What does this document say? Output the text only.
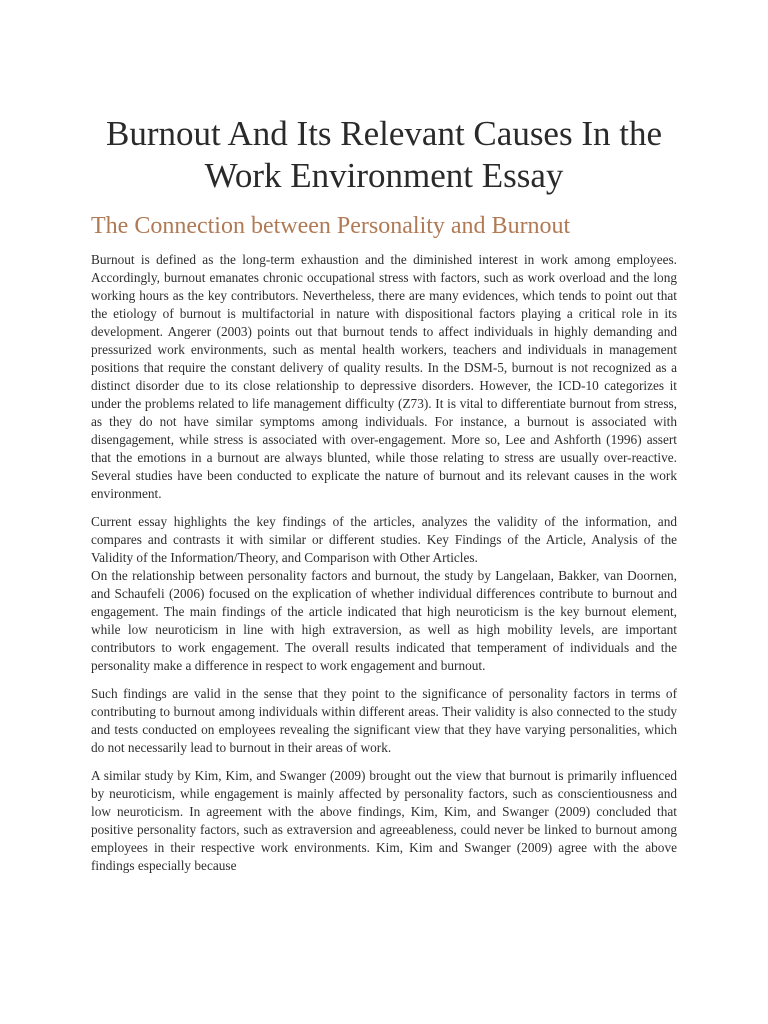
Burnout And Its Relevant Causes In the Work Environment Essay
The Connection between Personality and Burnout

Burnout is defined as the long-term exhaustion and the diminished interest in work among employees. Accordingly, burnout emanates chronic occupational stress with factors, such as work overload and the long working hours as the key contributors. Nevertheless, there are many evidences, which tends to point out that the etiology of burnout is multifactorial in nature with dispositional factors playing a critical role in its development. Angerer (2003) points out that burnout tends to affect individuals in highly demanding and pressurized work environments, such as mental health workers, teachers and individuals in management positions that require the constant delivery of quality results. In the DSM-5, burnout is not recognized as a distinct disorder due to its close relationship to depressive disorders. However, the ICD-10 categorizes it under the problems related to life management difficulty (Z73). It is vital to differentiate burnout from stress, as they do not have similar symptoms among individuals. For instance, a burnout is associated with disengagement, while stress is associated with over-engagement. More so, Lee and Ashforth (1996) assert that the emotions in a burnout are always blunted, while those relating to stress are usually over-reactive. Several studies have been conducted to explicate the nature of burnout and its relevant causes in the work environment.

Current essay highlights the key findings of the articles, analyzes the validity of the information, and compares and contrasts it with similar or different studies. Key Findings of the Article, Analysis of the Validity of the Information/Theory, and Comparison with Other Articles.

On the relationship between personality factors and burnout, the study by Langelaan, Bakker, van Doornen, and Schaufeli (2006) focused on the explication of whether individual differences contribute to burnout and engagement. The main findings of the article indicated that high neuroticism is the key burnout element, while low neuroticism in line with high extraversion, as well as high mobility levels, are important contributors to work engagement. The overall results indicated that temperament of individuals and the personality make a difference in respect to work engagement and burnout.

Such findings are valid in the sense that they point to the significance of personality factors in terms of contributing to burnout among individuals within different areas. Their validity is also connected to the study and tests conducted on employees revealing the significant view that they have varying personalities, which do not necessarily lead to burnout in their areas of work.

A similar study by Kim, Kim, and Swanger (2009) brought out the view that burnout is primarily influenced by neuroticism, while engagement is mainly affected by personality factors, such as conscientiousness and low neuroticism. In agreement with the above findings, Kim, Kim, and Swanger (2009) concluded that positive personality factors, such as extraversion and agreeableness, could never be linked to burnout among employees in their respective work environments. Kim, Kim and Swanger (2009) agree with the above findings especially because
